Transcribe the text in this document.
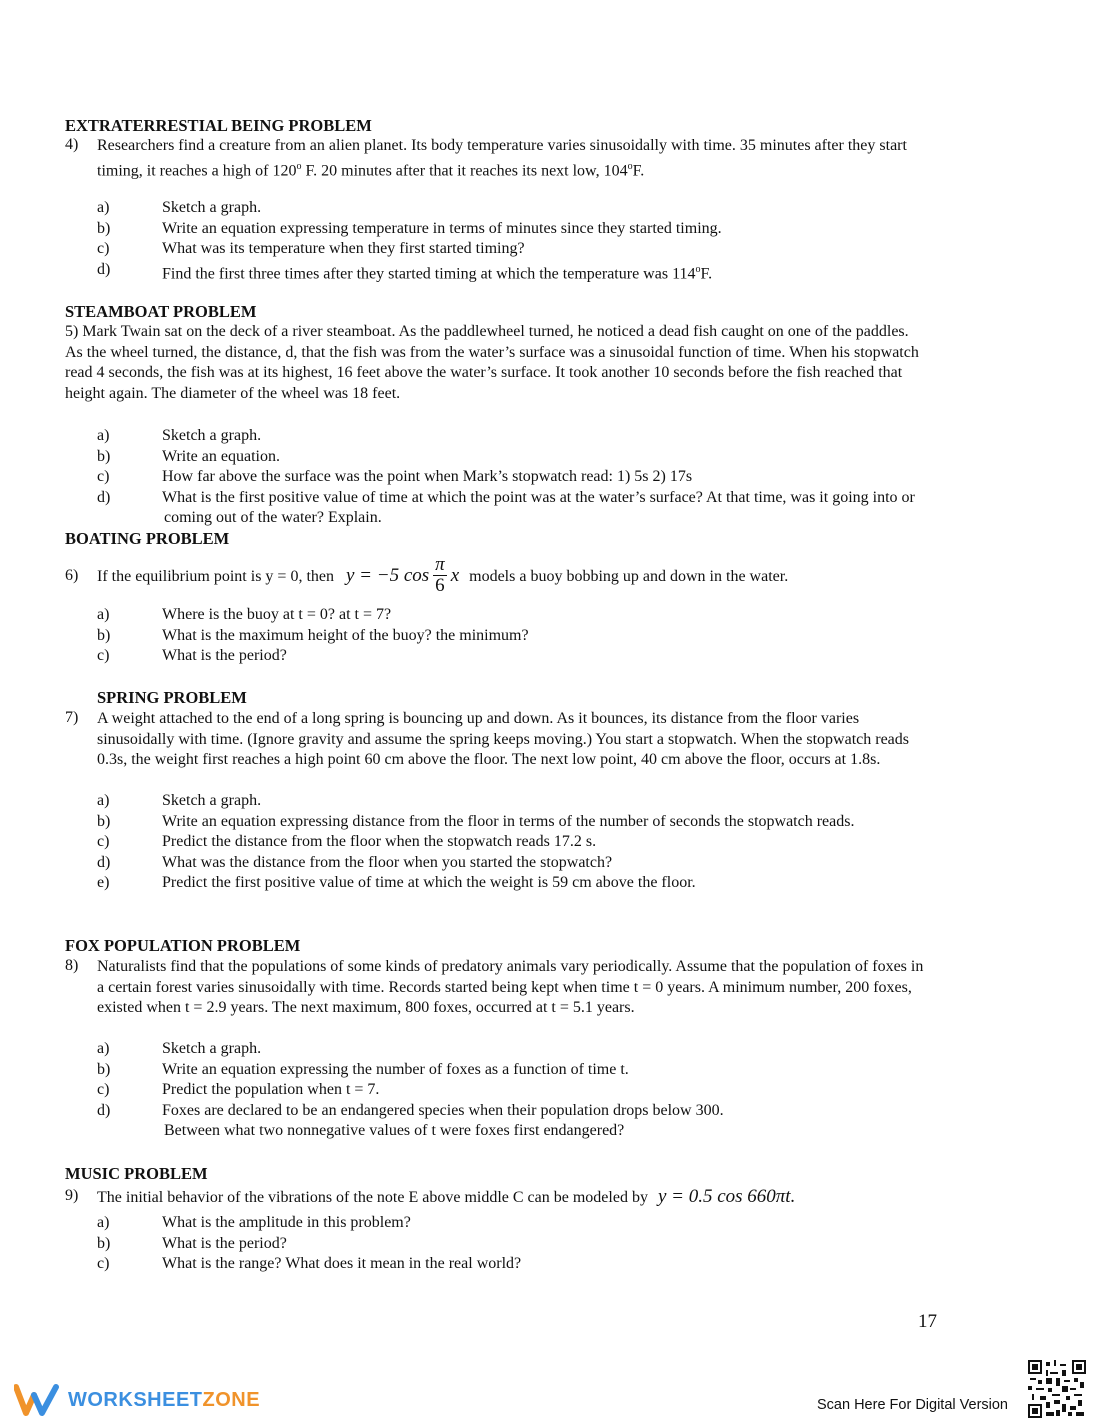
EXTRATERRESTIAL BEING PROBLEM
4) Researchers find a creature from an alien planet. Its body temperature varies sinusoidally with time. 35 minutes after they start
timing, it reaches a high of 120$^o$ F. 20 minutes after that it reaches its next low, 104$^o$F.
a)	Sketch a graph.
b)	Write an equation expressing temperature in terms of minutes since they started timing.
c)	What was its temperature when they first started timing?
d)	Find the first three times after they started timing at which the temperature was 114$^o$F.
STEAMBOAT PROBLEM
5) Mark Twain sat on the deck of a river steamboat. As the paddlewheel turned, he noticed a dead fish caught on one of the paddles.
As the wheel turned, the distance, d, that the fish was from the water’s surface was a sinusoidal function of time. When his stopwatch
read 4 seconds, the fish was at its highest, 16 feet above the water’s surface. It took another 10 seconds before the fish reached that
height again. The diameter of the wheel was 18 feet.
a)	Sketch a graph.
b)	Write an equation.
c)	How far above the surface was the point when Mark’s stopwatch read: 1) 5s 2) 17s
d)	What is the first positive value of time at which the point was at the water’s surface? At that time, was it going into or
coming out of the water? Explain.
BOATING PROBLEM
6) If the equilibrium point is y = 0, then y = −5 $\cos \frac{\pi}{6}$ x models a buoy bobbing up and down in the water.
a)	Where is the buoy at t = 0? at t = 7?
b)	What is the maximum height of the buoy? the minimum?
c)	What is the period?
SPRING PROBLEM
7) A weight attached to the end of a long spring is bouncing up and down. As it bounces, its distance from the floor varies
sinusoidally with time. (Ignore gravity and assume the spring keeps moving.) You start a stopwatch. When the stopwatch reads
0.3s, the weight first reaches a high point 60 cm above the floor. The next low point, 40 cm above the floor, occurs at 1.8s.
a)	Sketch a graph.
b)	Write an equation expressing distance from the floor in terms of the number of seconds the stopwatch reads.
c)	Predict the distance from the floor when the stopwatch reads 17.2 s.
d)	What was the distance from the floor when you started the stopwatch?
e)	Predict the first positive value of time at which the weight is 59 cm above the floor.
FOX POPULATION PROBLEM
8) Naturalists find that the populations of some kinds of predatory animals vary periodically. Assume that the population of foxes in
a certain forest varies sinusoidally with time. Records started being kept when time t = 0 years. A minimum number, 200 foxes,
existed when t = 2.9 years. The next maximum, 800 foxes, occurred at t = 5.1 years.
a)	Sketch a graph.
b)	Write an equation expressing the number of foxes as a function of time t.
c)	Predict the population when t = 7.
d)	Foxes are declared to be an endangered species when their population drops below 300.
Between what two nonnegative values of t were foxes first endangered?
MUSIC PROBLEM
9) The initial behavior of the vibrations of the note E above middle C can be modeled by y = 0.5 cos 660πt.
a)	What is the amplitude in this problem?
b)	What is the period?
c)	What is the range? What does it mean in the real world?
17
WORKSHEETZONE	Scan Here For Digital Version
